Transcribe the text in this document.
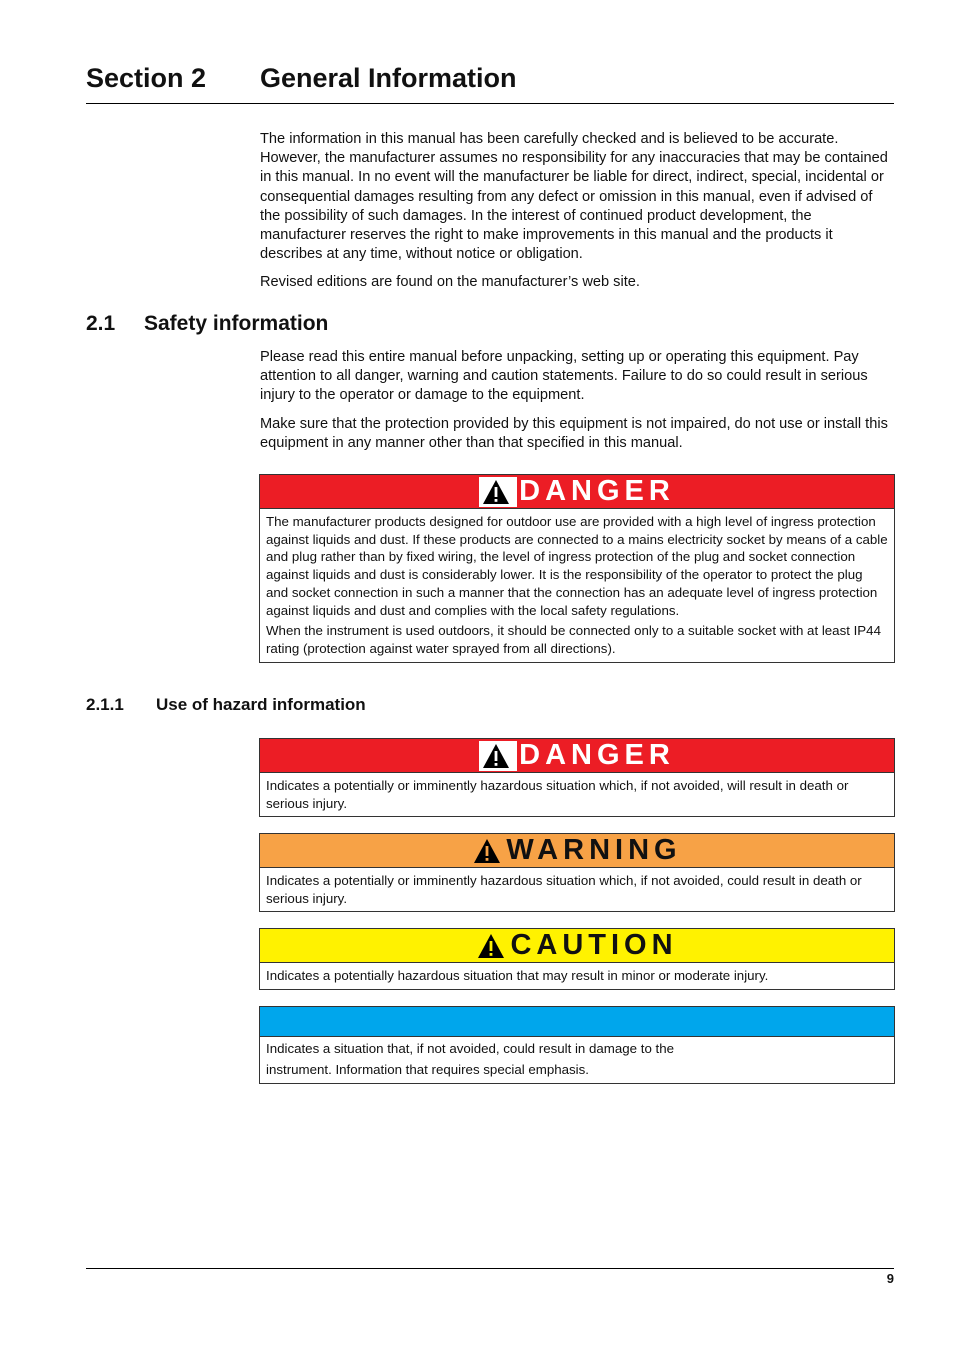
Section 2 General Information

The information in this manual has been carefully checked and is believed to be accurate. However, the manufacturer assumes no responsibility for any inaccuracies that may be contained in this manual. In no event will the manufacturer be liable for direct, indirect, special, incidental or consequential damages resulting from any defect or omission in this manual, even if advised of the possibility of such damages. In the interest of continued product development, the manufacturer reserves the right to make improvements in this manual and the products it describes at any time, without notice or obligation.

Revised editions are found on the manufacturer’s web site.

2.1 Safety information

Please read this entire manual before unpacking, setting up or operating this equipment. Pay attention to all danger, warning and caution statements. Failure to do so could result in serious injury to the operator or damage to the equipment.

Make sure that the protection provided by this equipment is not impaired, do not use or install this equipment in any manner other than that specified in this manual.

DANGER

The manufacturer products designed for outdoor use are provided with a high level of ingress protection against liquids and dust. If these products are connected to a mains electricity socket by means of a cable and plug rather than by fixed wiring, the level of ingress protection of the plug and socket connection against liquids and dust is considerably lower. It is the responsibility of the operator to protect the plug and socket connection in such a manner that the connection has an adequate level of ingress protection against liquids and dust and complies with the local safety regulations.

When the instrument is used outdoors, it should be connected only to a suitable socket with at least IP44 rating (protection against water sprayed from all directions).

2.1.1 Use of hazard information
DANGER

Indicates a potentially or imminently hazardous situation which, if not avoided, will result in death or serious injury.

WARNING

Indicates a potentially or imminently hazardous situation which, if not avoided, could result in death or serious injury.

CAUTION

Indicates a potentially hazardous situation that may result in minor or moderate injury.

Indicates a situation that, if not avoided, could result in damage to the

instrument. Information that requires special emphasis.

9
